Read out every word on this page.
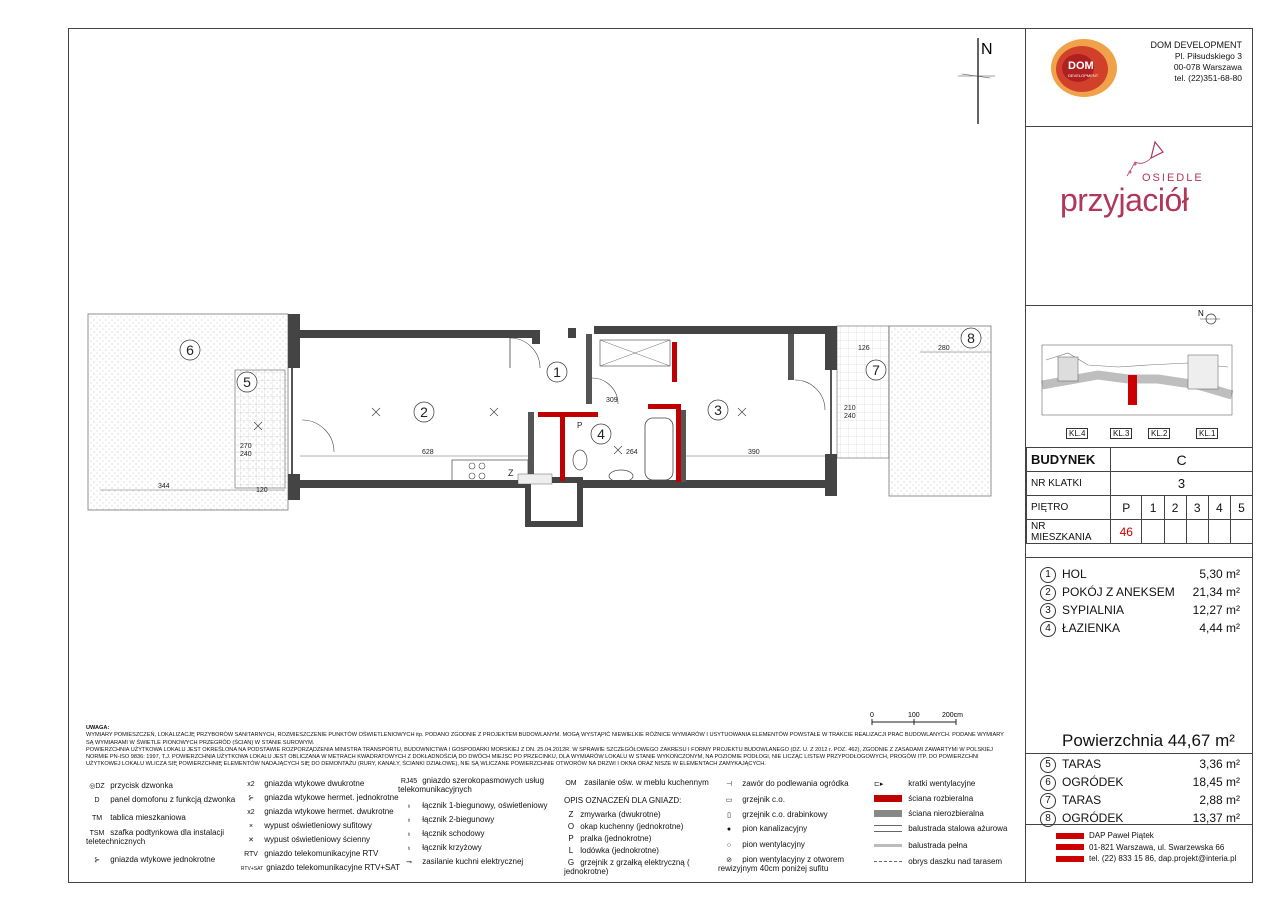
DOM
DEVELOPMENT
DOM DEVELOPMENT
Pl. Piłsudskiego 3
00-078 Warszawa
tel. (22)351-68-80
OSIEDLE
przyjaciół
N
KL.4	KL.3	KL.2	KL.1
BUDYNEK	C					
NR KLATKI	3					
PIĘTRO	P	1	2	3	4	5
NR MIESZKANIA	46					
1 HOL	5,30 m²
2 POKÓJ Z ANEKSEM 21,34 m²
3 SYPIALNIA	12,27 m²
4 ŁAZIENKA	4,44 m²
Powierzchnia 44,67 m²
5 TARAS	3,36 m²
6 OGRÓDEK	18,45 m²
7 TARAS	2,88 m²
8 OGRÓDEK	13,37 m²
DAP Paweł Piątek
01-821 Warszawa, ul. Swarzewska 66
tel. (22) 833 15 86, dap.projekt@interia.pl
N
628	390
264
344
270
240
120
280
126
210
240
309
Z
P
6
5
2
1
4
3
7
8
0	100	200cm
UWAGA:
WYMIARY POMIESZCZEŃ, LOKALIZACJĘ PRZYBORÓW SANITARNYCH, ROZMIESZCZENIE PUNKTÓW OŚWIETLENIOWYCH itp. PODANO ZGODNIE Z PROJEKTEM BUDOWLANYM. MOGĄ WYSTĄPIĆ NIEWIELKIE RÓŻNICE WYMIARÓW I USYTUOWANIA ELEMENTÓW POWSTAŁE W TRAKCIE REALIZACJI PRAC BUDOWLANYCH. PODANE WYMIARY
SĄ WYMIARAMI W ŚWIETLE PIONOWYCH PRZEGRÓD (ŚCIAN) W STANIE SUROWYM.
POWIERZCHNIA UŻYTKOWA LOKALU JEST OKREŚLONA NA PODSTAWIE ROZPORZĄDZENIA MINISTRA TRANSPORTU, BUDOWNICTWA I GOSPODARKI MORSKIEJ Z DN. 25.04.2012R. W SPRAWIE SZCZEGÓŁOWEGO ZAKRESU I FORMY PROJEKTU BUDOWLANEGO (DZ. U. Z 2012 r. POZ. 462), ZGODNIE Z ZASADAMI ZAWARTYMI W POLSKIEJ
NORMIE PN-ISO 9836: 1997, T.J. POWIERZCHNIA UŻYTKOWA LOKALU JEST OBLICZANA W METRACH KWADRATOWYCH Z DOKŁADNOŚCIĄ DO DWÓCH MIEJSC PO PRZECINKU, DLA WYMIARÓW LOKALU W STANIE WYKOŃCZONYM, NA POZIOMIE PODŁOGI, NIE LICZĄC LISTEW PRZYPODŁOGOWYCH, PROGÓW ITP. DO POWIERZCHNI
UŻYTKOWEJ LOKALU WLICZA SIĘ POWIERZCHNIĘ ELEMENTÓW NADAJĄCYCH SIĘ DO DEMONTAŻU (RURY, KANAŁY, ŚCIANKI DZIAŁOWE), NIE SĄ WLICZANE POWIERZCHNIE OTWORÓW NA DRZWI I OKNA ORAZ NISZE W ELEMENTACH ZAMYKAJĄCYCH.
◎DZ przycisk dzwonka
D panel domofonu z funkcją dzwonka
TM tablica mieszkaniowa
TSM szafka podtynkowa dla instalacji teletechnicznych
⊱ gniazda wtykowe jednokrotne
x2 gniazda wtykowe dwukrotne
⊱ gniazda wtykowe hermet. jednokrotne
x2 gniazda wtykowe hermet. dwukrotne
× wypust oświetleniowy sufitowy
✕ wypust oświetleniowy ścienny
RTV gniazdo telekomunikacyjne RTV
RTV+SAT gniazdo telekomunikacyjne RTV+SAT
RJ45 gniazdo szerokopasmowych usług telekomunikacyjnych
♁ łącznik 1-biegunowy, oświetleniowy
♁ łącznik 2-biegunowy
♁ łącznik schodowy
♁ łącznik krzyżowy
⊸ zasilanie kuchni elektrycznej
OM zasilanie ośw. w meblu kuchennym
OPIS OZNACZEŃ DLA GNIAZD:
Z zmywarka (dwukrotne)
O okap kuchenny (jednokrotne)
P pralka (jednokrotne)
L lodówka (jednokrotne)
G grzejnik z grzałką elektryczną ( jednokrotne)
⊣ zawór do podlewania ogródka
▭ grzejnik c.o.
▯ grzejnik c.o. drabinkowy
● pion kanalizacyjny
○ pion wentylacyjny
⊘ pion wentylacyjny z otworem rewizyjnym 40cm poniżej sufitu
⊏▸	kratki wentylacyjne
ściana rozbieralna
ściana nierozbieralna
balustrada stalowa ażurowa
balustrada pełna
obrys daszku nad tarasem
